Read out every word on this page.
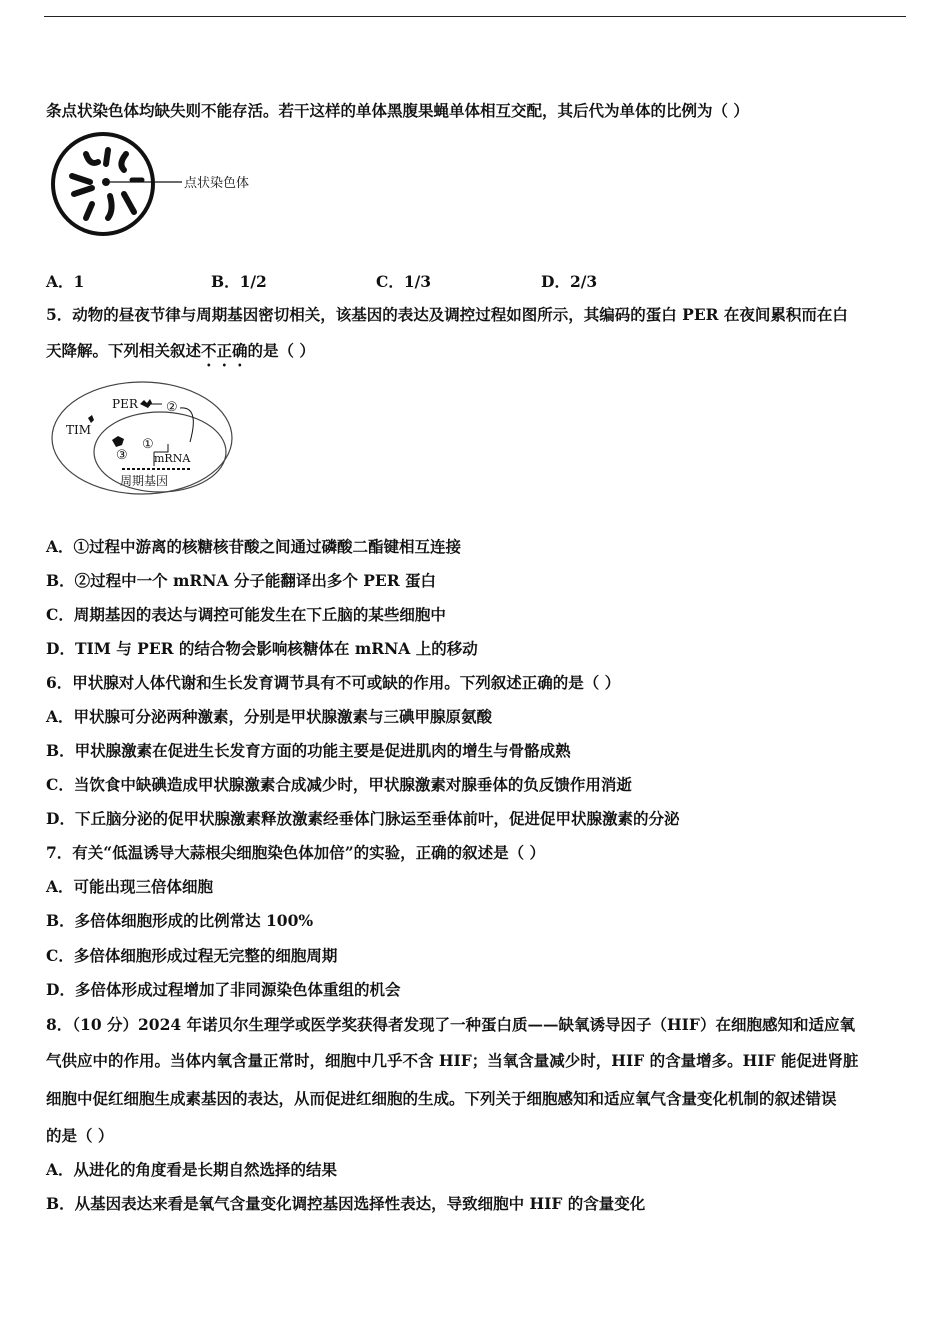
条点状染色体均缺失则不能存活。若干这样的单体黑腹果蝇单体相互交配，其后代为单体的比例为（ ）
点状染色体
A．1	B．1/2	C．1/3	D．2/3
5．动物的昼夜节律与周期基因密切相关，该基因的表达及调控过程如图所示，其编码的蛋白 PER 在夜间累积而在白
天降解。下列相关叙述不正确的是（ ）
PER ②
TIM
③
①
mRNA
周期基因
A．①过程中游离的核糖核苷酸之间通过磷酸二酯键相互连接
B．②过程中一个 mRNA 分子能翻译出多个 PER 蛋白
C．周期基因的表达与调控可能发生在下丘脑的某些细胞中
D．TIM 与 PER 的结合物会影响核糖体在 mRNA 上的移动
6．甲状腺对人体代谢和生长发育调节具有不可或缺的作用。下列叙述正确的是（ ）
A．甲状腺可分泌两种激素，分别是甲状腺激素与三碘甲腺原氨酸
B．甲状腺激素在促进生长发育方面的功能主要是促进肌肉的增生与骨骼成熟
C．当饮食中缺碘造成甲状腺激素合成减少时，甲状腺激素对腺垂体的负反馈作用消逝
D．下丘脑分泌的促甲状腺激素释放激素经垂体门脉运至垂体前叶，促进促甲状腺激素的分泌
7．有关“低温诱导大蒜根尖细胞染色体加倍”的实验，正确的叙述是（ ）
A．可能出现三倍体细胞
B．多倍体细胞形成的比例常达 100%
C．多倍体细胞形成过程无完整的细胞周期
D．多倍体形成过程增加了非同源染色体重组的机会
8．（10 分）2024 年诺贝尔生理学或医学奖获得者发现了一种蛋白质——缺氧诱导因子（HIF）在细胞感知和适应氧
气供应中的作用。当体内氧含量正常时，细胞中几乎不含 HIF；当氧含量减少时，HIF 的含量增多。HIF 能促进肾脏
细胞中促红细胞生成素基因的表达，从而促进红细胞的生成。下列关于细胞感知和适应氧气含量变化机制的叙述错误
的是（ ）
A．从进化的角度看是长期自然选择的结果
B．从基因表达来看是氧气含量变化调控基因选择性表达，导致细胞中 HIF 的含量变化
